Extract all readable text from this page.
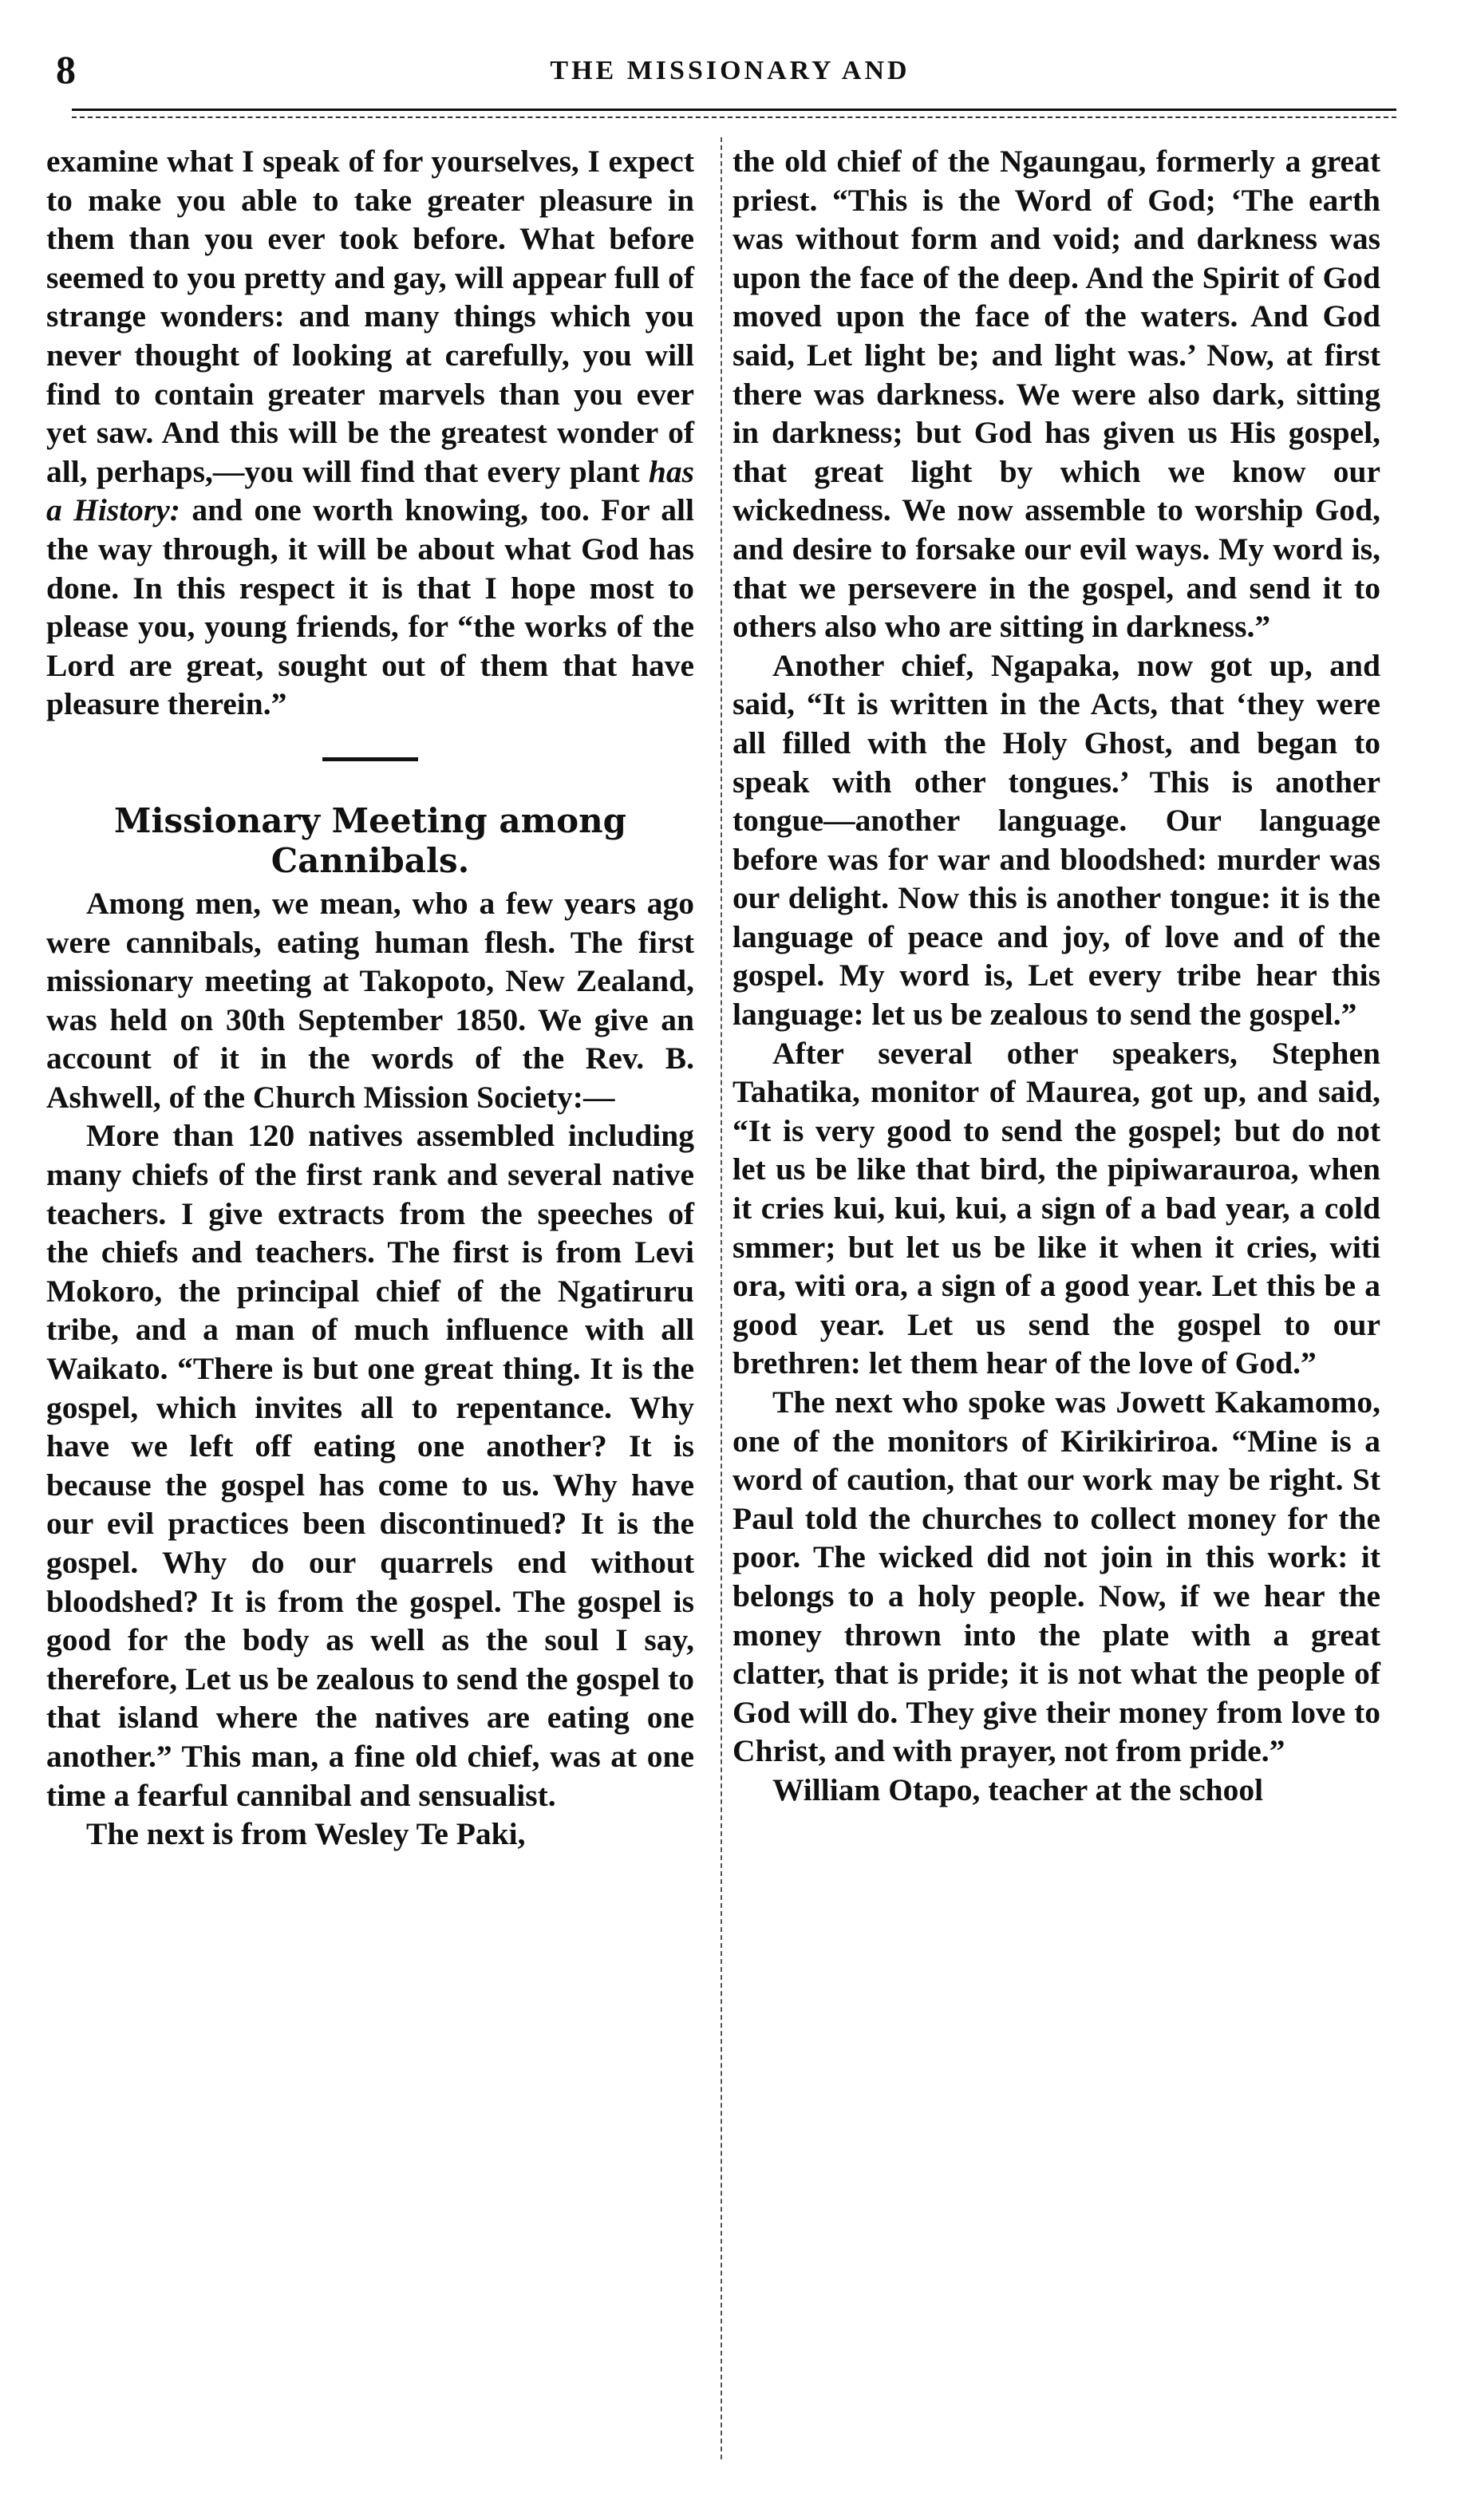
8	THE MISSIONARY AND

examine what I speak of for yourselves, I expect to make you able to take greater pleasure in them than you ever took before. What before seemed to you pretty and gay, will appear full of strange wonders: and many things which you never thought of looking at carefully, you will find to contain greater marvels than you ever yet saw. And this will be the greatest wonder of all, perhaps,—you will find that every plant has a History: and one worth knowing, too. For all the way through, it will be about what God has done. In this respect it is that I hope most to please you, young friends, for “the works of the Lord are great, sought out of them that have pleasure therein.”

Missionary Meeting among Cannibals.

Among men, we mean, who a few years ago were cannibals, eating human flesh. The first missionary meeting at Takopoto, New Zealand, was held on 30th September 1850. We give an account of it in the words of the Rev. B. Ashwell, of the Church Mission Society:—

More than 120 natives assembled including many chiefs of the first rank and several native teachers. I give extracts from the speeches of the chiefs and teachers. The first is from Levi Mokoro, the principal chief of the Ngatiruru tribe, and a man of much influence with all Waikato. “There is but one great thing. It is the gospel, which invites all to repentance. Why have we left off eating one another? It is because the gospel has come to us. Why have our evil practices been discontinued? It is the gospel. Why do our quarrels end without bloodshed? It is from the gospel. The gospel is good for the body as well as the soul I say, therefore, Let us be zealous to send the gospel to that island where the natives are eating one another.” This man, a fine old chief, was at one time a fearful cannibal and sensualist.

The next is from Wesley Te Paki,

the old chief of the Ngaungau, formerly a great priest. “This is the Word of God; ‘The earth was without form and void; and darkness was upon the face of the deep. And the Spirit of God moved upon the face of the waters. And God said, Let light be; and light was.’ Now, at first there was darkness. We were also dark, sitting in darkness; but God has given us His gospel, that great light by which we know our wickedness. We now assemble to worship God, and desire to forsake our evil ways. My word is, that we persevere in the gospel, and send it to others also who are sitting in darkness.”

Another chief, Ngapaka, now got up, and said, “It is written in the Acts, that ‘they were all filled with the Holy Ghost, and began to speak with other tongues.’ This is another tongue—another language. Our language before was for war and bloodshed: murder was our delight. Now this is another tongue: it is the language of peace and joy, of love and of the gospel. My word is, Let every tribe hear this language: let us be zealous to send the gospel.”

After several other speakers, Stephen Tahatika, monitor of Maurea, got up, and said, “It is very good to send the gospel; but do not let us be like that bird, the pipiwarauroa, when it cries kui, kui, kui, a sign of a bad year, a cold smmer; but let us be like it when it cries, witi ora, witi ora, a sign of a good year. Let this be a good year. Let us send the gospel to our brethren: let them hear of the love of God.”

The next who spoke was Jowett Kakamomo, one of the monitors of Kirikiriroa. “Mine is a word of caution, that our work may be right. St Paul told the churches to collect money for the poor. The wicked did not join in this work: it belongs to a holy people. Now, if we hear the money thrown into the plate with a great clatter, that is pride; it is not what the people of God will do. They give their money from love to Christ, and with prayer, not from pride.”

William Otapo, teacher at the school
